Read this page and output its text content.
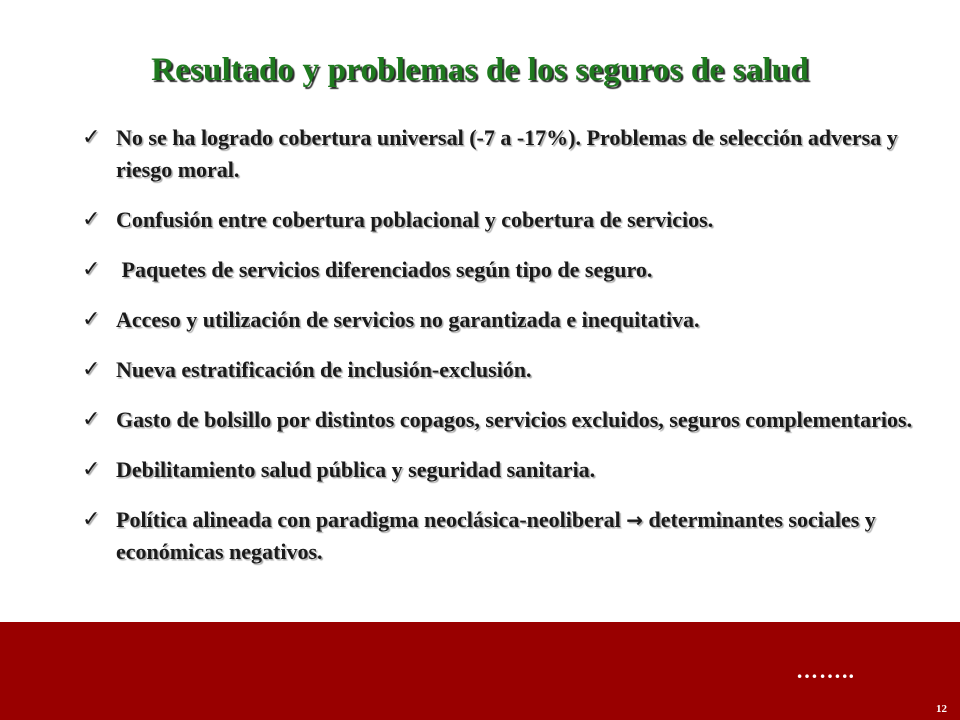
Resultado y problemas de los seguros de salud
✓ No se ha logrado cobertura universal (-7 a -17%). Problemas de selección adversa y riesgo moral.
✓ Confusión entre cobertura poblacional y cobertura de servicios.
✓ Paquetes de servicios diferenciados según tipo de seguro.
✓ Acceso y utilización de servicios no garantizada e inequitativa.
✓ Nueva estratificación de inclusión-exclusión.
✓ Gasto de bolsillo por distintos copagos, servicios excluidos, seguros complementarios.
✓ Debilitamiento salud pública y seguridad sanitaria.
✓ Política alineada con paradigma neoclásica-neoliberal → determinantes sociales y económicas negativos.
……..
12
